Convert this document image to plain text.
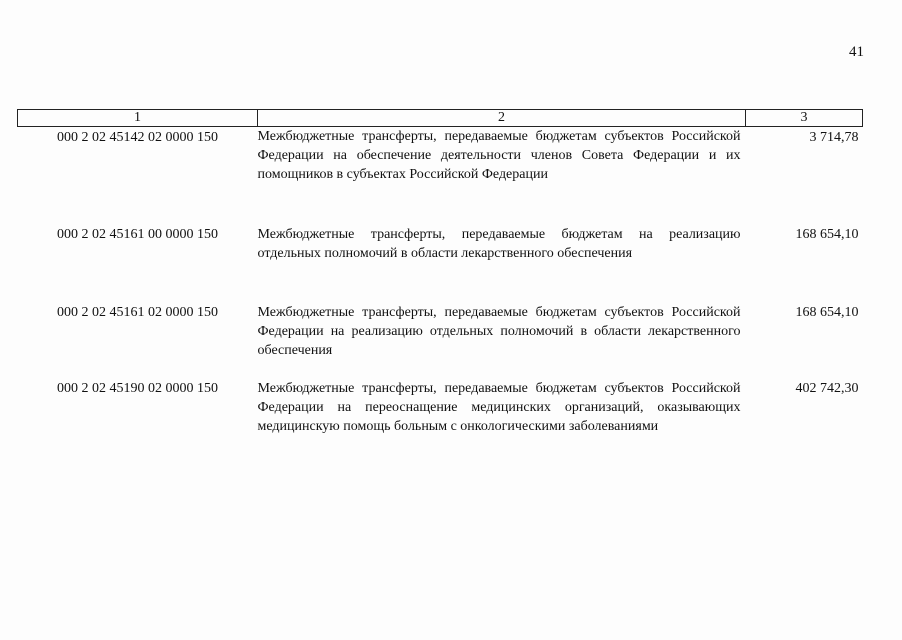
41
1	2	3
000 2 02 45142 02 0000 150	Межбюджетные трансферты, передаваемые бюджетам субъектов Российской Федерации на обеспечение деятельности членов Совета Федерации и их помощников в субъектах Российской Федерации	3 714,78
000 2 02 45161 00 0000 150	Межбюджетные трансферты, передаваемые бюджетам на реализацию отдельных полномочий в области лекарственного обеспечения	168 654,10
000 2 02 45161 02 0000 150	Межбюджетные трансферты, передаваемые бюджетам субъектов Российской Федерации на реализацию отдельных полномочий в области лекарственного обеспечения	168 654,10
000 2 02 45190 02 0000 150	Межбюджетные трансферты, передаваемые бюджетам субъектов Российской Федерации на переоснащение медицинских организаций, оказывающих медицинскую помощь больным с онкологическими заболеваниями	402 742,30
